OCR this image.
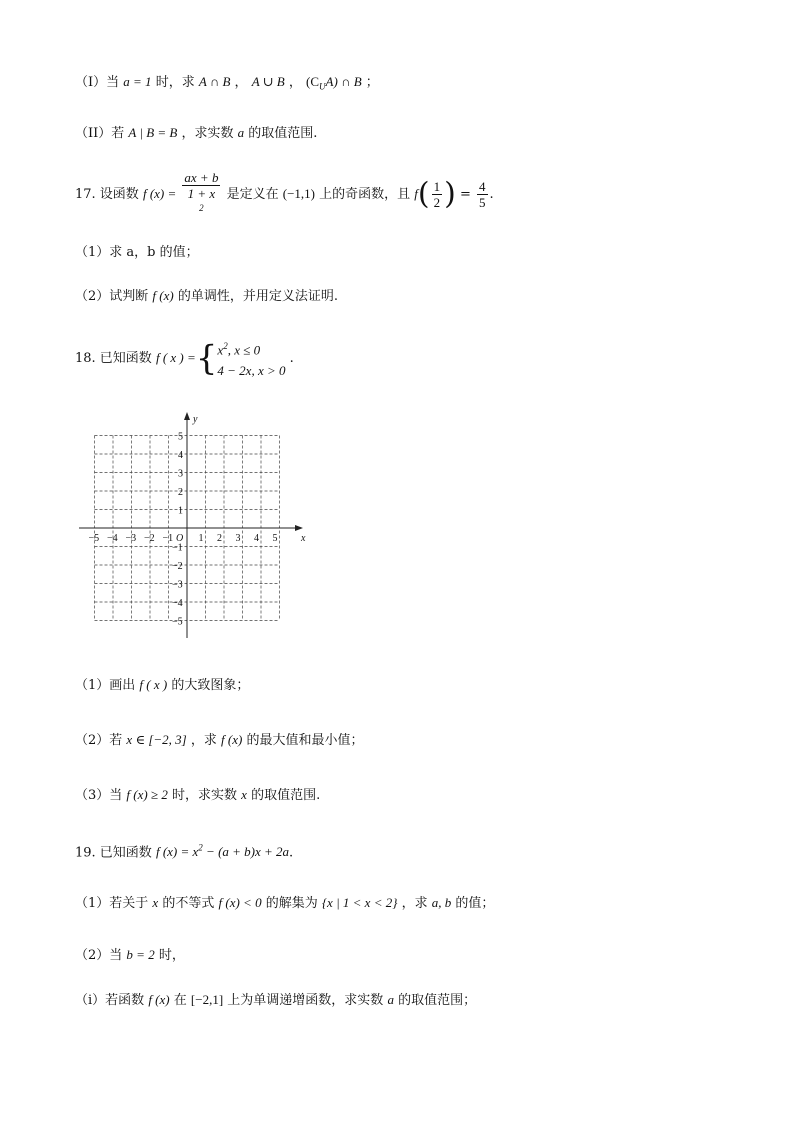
（I）当 a = 1 时，求 A ∩ B ， A ∪ B ， $(C_UA)$ ∩ B ；
（II）若 A | B = B ，求实数 a 的取值范围.
17. 设函数 f (x) = ax + b
1 + x
$^2$ 是定义在 (−1,1) 上的奇函数，且 $f( \frac{1}{2}$ ) = $\frac{4}{5}$ .
（1）求 a，b 的值；
（2）试判断 f (x) 的单调性，并用定义法证明.
18. 已知函数 f ( x ) ={ $x^2$, x ≤ 0
4 − 2x, x > 0
.
x
y
O
−5 −4 −3 −2 −1	1 2 3 4 5
1
2
3
4
5
−1
−2
−3
−4
−5
（1）画出 f ( x ) 的大致图象；
（2）若 x ∈ [−2, 3] ，求 f (x) 的最大值和最小值；
（3）当 f (x) ≥ 2 时，求实数 x 的取值范围.
19. 已知函数 f $(x) = x^2 - (a + b)x + 2a$.
（1）若关于 x 的不等式 f (x) < 0 的解集为 {x | 1 < x < 2} ，求 a, b 的值；
（2）当 b = 2 时，
（i）若函数 f (x) 在 [−2,1] 上为单调递增函数，求实数 a 的取值范围；
